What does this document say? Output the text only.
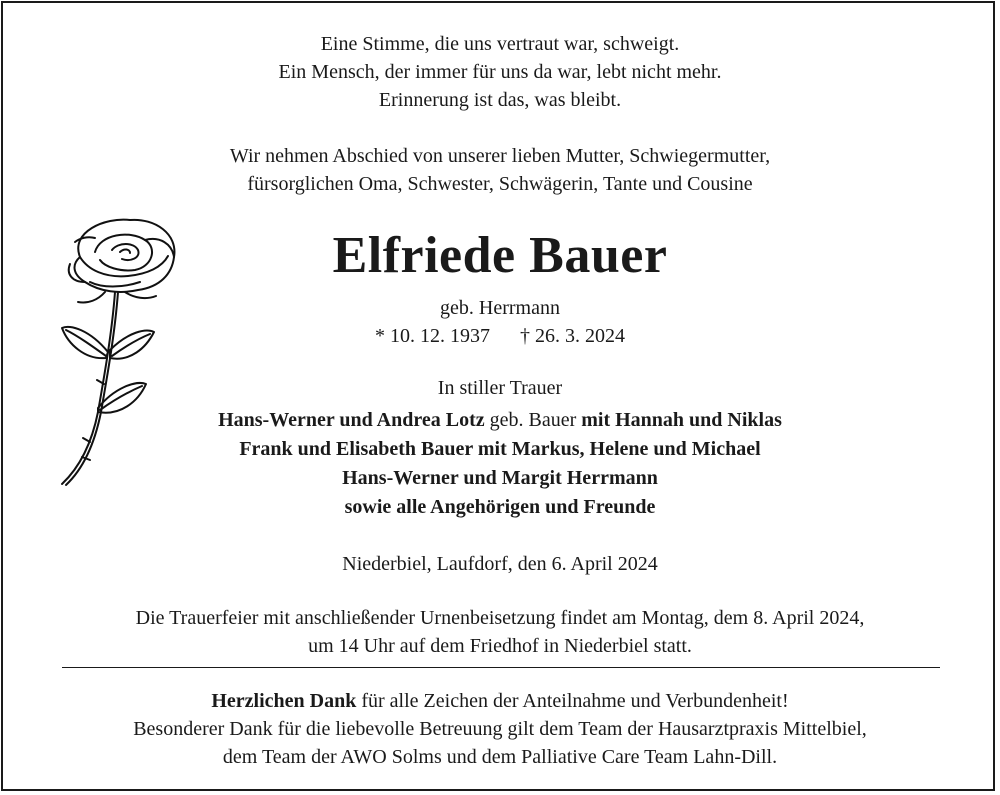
Eine Stimme, die uns vertraut war, schweigt.
Ein Mensch, der immer für uns da war, lebt nicht mehr.
Erinnerung ist das, was bleibt.
Wir nehmen Abschied von unserer lieben Mutter, Schwiegermutter,
fürsorglichen Oma, Schwester, Schwägerin, Tante und Cousine
Elfriede Bauer
geb. Herrmann
* 10. 12. 1937 † 26. 3. 2024
In stiller Trauer
Hans-Werner und Andrea Lotz geb. Bauer mit Hannah und Niklas
Frank und Elisabeth Bauer mit Markus, Helene und Michael
Hans-Werner und Margit Herrmann
sowie alle Angehörigen und Freunde
Niederbiel, Laufdorf, den 6. April 2024
Die Trauerfeier mit anschließender Urnenbeisetzung findet am Montag, dem 8. April 2024,
um 14 Uhr auf dem Friedhof in Niederbiel statt.
Herzlichen Dank für alle Zeichen der Anteilnahme und Verbundenheit!
Besonderer Dank für die liebevolle Betreuung gilt dem Team der Hausarztpraxis Mittelbiel,
dem Team der AWO Solms und dem Palliative Care Team Lahn-Dill.
